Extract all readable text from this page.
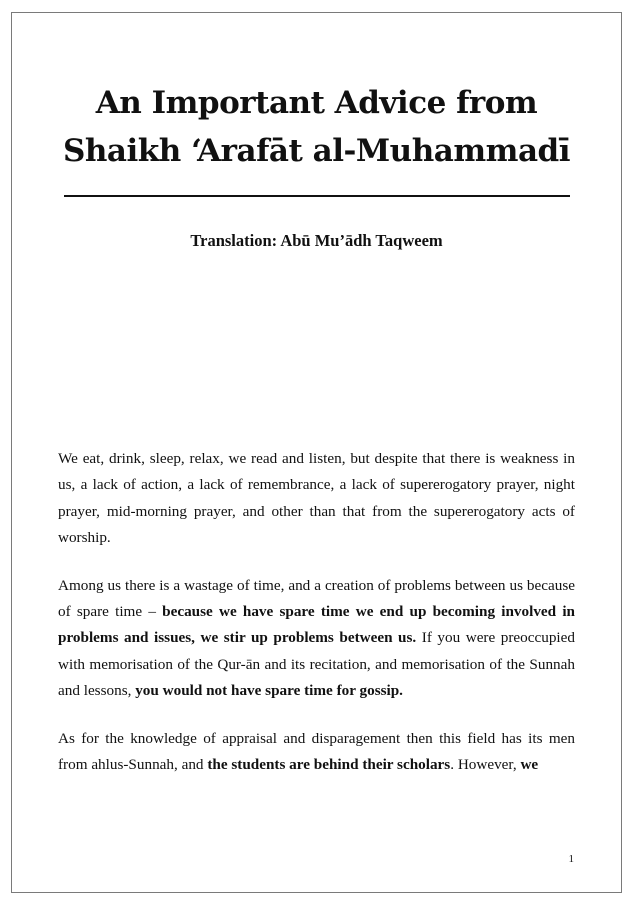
An Important Advice from
Shaikh ‘Arafāt al-Muhammadī
Translation: Abū Mu’ādh Taqweem

We eat, drink, sleep, relax, we read and listen, but despite that there is weakness in us, a lack of action, a lack of remembrance, a lack of supererogatory prayer, night prayer, mid-morning prayer, and other than that from the supererogatory acts of worship.

Among us there is a wastage of time, and a creation of problems between us because of spare time – because we have spare time we end up becoming involved in problems and issues, we stir up problems between us. If you were preoccupied with memorisation of the Qur-ān and its recitation, and memorisation of the Sunnah and lessons, you would not have spare time for gossip.

As for the knowledge of appraisal and disparagement then this field has its men from ahlus-Sunnah, and the students are behind their scholars. However, we

1
